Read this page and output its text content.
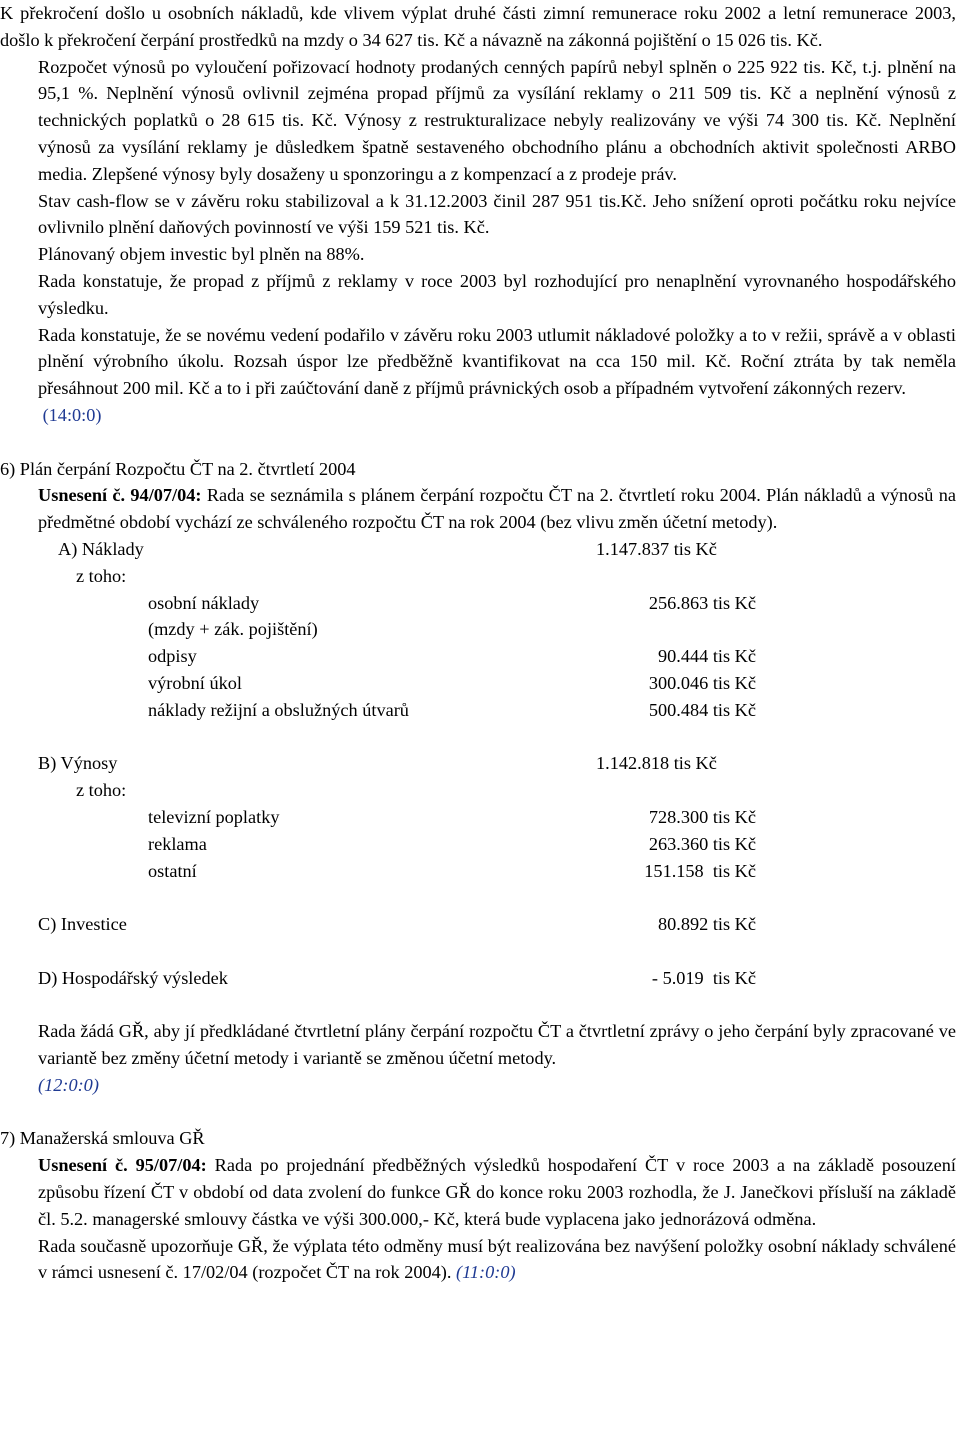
K překročení došlo u osobních nákladů, kde vlivem výplat druhé části zimní remunerace roku 2002 a letní remunerace 2003, došlo k překročení čerpání prostředků na mzdy o 34 627 tis. Kč a návazně na zákonná pojištění o 15 026 tis. Kč.

Rozpočet výnosů po vyloučení pořizovací hodnoty prodaných cenných papírů nebyl splněn o 225 922 tis. Kč, t.j. plnění na 95,1 %. Neplnění výnosů ovlivnil zejména propad příjmů za vysílání reklamy o 211 509 tis. Kč a neplnění výnosů z technických poplatků o 28 615 tis. Kč. Výnosy z restrukturalizace nebyly realizovány ve výši 74 300 tis. Kč. Neplnění výnosů za vysílání reklamy je důsledkem špatně sestaveného obchodního plánu a obchodních aktivit společnosti ARBO media. Zlepšené výnosy byly dosaženy u sponzoringu a z kompenzací a z prodeje práv.

Stav cash-flow se v závěru roku stabilizoval a k 31.12.2003 činil 287 951 tis.Kč. Jeho snížení oproti počátku roku nejvíce ovlivnilo plnění daňových povinností ve výši 159 521 tis. Kč.

Plánovaný objem investic byl plněn na 88%.

Rada konstatuje, že propad z příjmů z reklamy v roce 2003 byl rozhodující pro nenaplnění vyrovnaného hospodářského výsledku.

Rada konstatuje, že se novému vedení podařilo v závěru roku 2003 utlumit nákladové položky a to v režii, správě a v oblasti plnění výrobního úkolu. Rozsah úspor lze předběžně kvantifikovat na cca 150 mil. Kč. Roční ztráta by tak neměla přesáhnout 200 mil. Kč a to i při zaúčtování daně z příjmů právnických osob a případném vytvoření zákonných rezerv.

(14:0:0)

6) Plán čerpání Rozpočtu ČT na 2. čtvrtletí 2004

Usnesení č. 94/07/04: Rada se seznámila s plánem čerpání rozpočtu ČT na 2. čtvrtletí roku 2004. Plán nákladů a výnosů na předmětné období vychází ze schváleného rozpočtu ČT na rok 2004 (bez vlivu změn účetní metody).

A) Náklady	1.147.837 tis Kč
z toho:
osobní náklady	256.863 tis Kč
(mzdy + zák. pojištění)
odpisy	90.444 tis Kč
výrobní úkol	300.046 tis Kč
náklady režijní a obslužných útvarů	500.484 tis Kč
B) Výnosy	1.142.818 tis Kč
z toho:
televizní poplatky	728.300 tis Kč
reklama	263.360 tis Kč
ostatní	151.158  tis Kč
C) Investice	80.892 tis Kč
D) Hospodářský výsledek	- 5.019  tis Kč

Rada žádá GŘ, aby jí předkládané čtvrtletní plány čerpání rozpočtu ČT a čtvrtletní zprávy o jeho čerpání byly zpracované ve variantě bez změny účetní metody i variantě se změnou účetní metody.

(12:0:0)

7) Manažerská smlouva GŘ

Usnesení č. 95/07/04: Rada po projednání předběžných výsledků hospodaření ČT v roce 2003 a na základě posouzení způsobu řízení ČT v období od data zvolení do funkce GŘ do konce roku 2003 rozhodla, že J. Janečkovi přísluší na základě čl. 5.2. managerské smlouvy částka ve výši 300.000,- Kč, která bude vyplacena jako jednorázová odměna.

Rada současně upozorňuje GŘ, že výplata této odměny musí být realizována bez navýšení položky osobní náklady schválené v rámci usnesení č. 17/02/04 (rozpočet ČT na rok 2004). (11:0:0)
